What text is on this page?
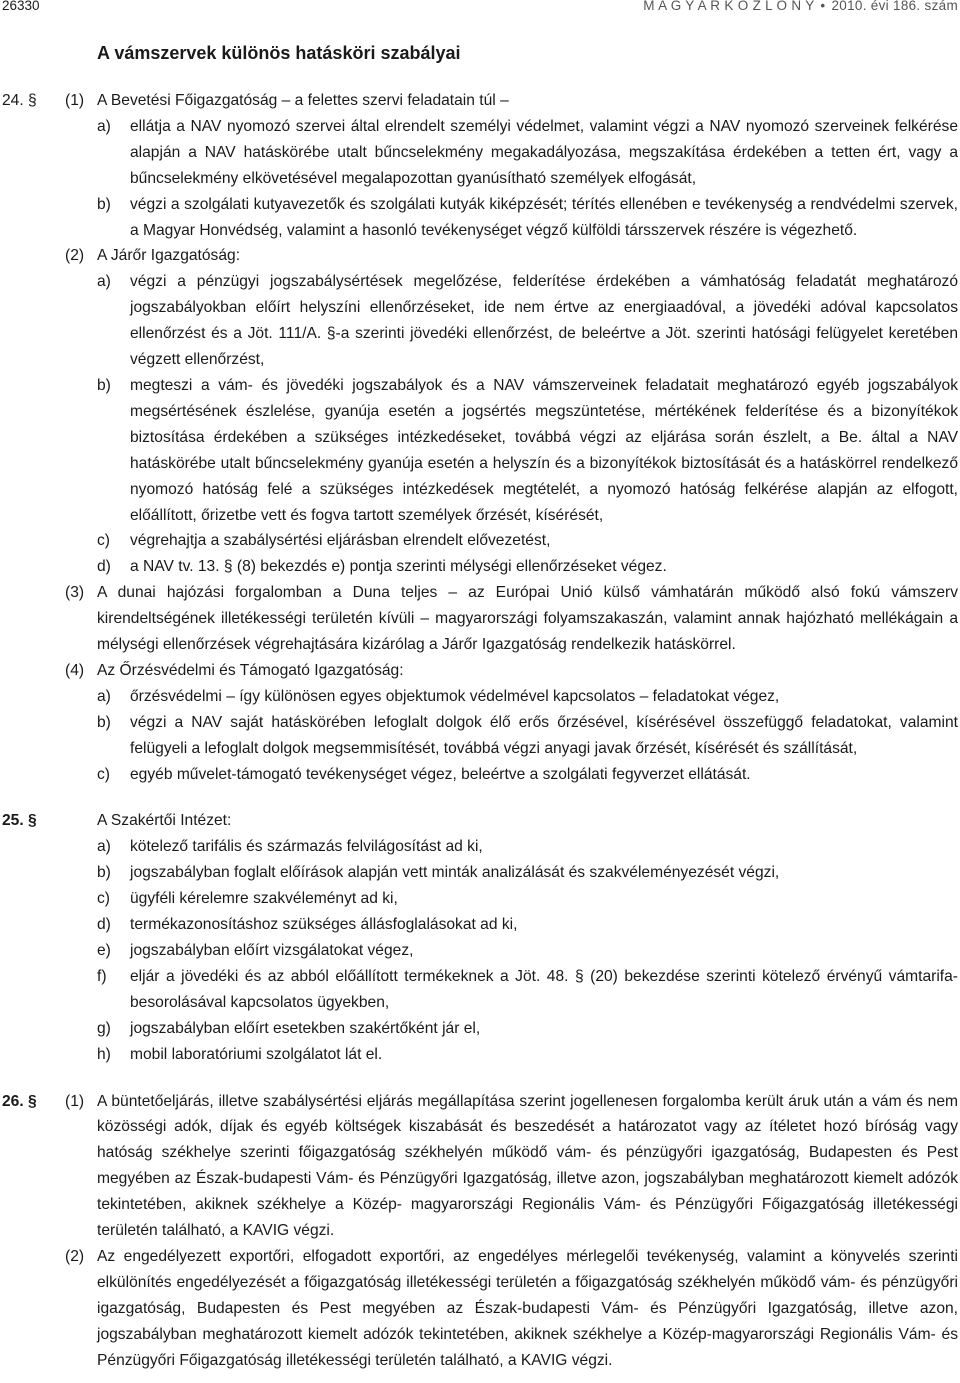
26330	M A G Y A R K Ö Z L Ö N Y • 2010. évi 186. szám
A vámszervek különös hatásköri szabályai
24. § (1) A Bevetési Főigazgatóság – a felettes szervi feladatain túl –
a) ellátja a NAV nyomozó szervei által elrendelt személyi védelmet, valamint végzi a NAV nyomozó szerveinek felkérése alapján a NAV hatáskörébe utalt bűncselekmény megakadályozása, megszakítása érdekében a tetten ért, vagy a bűncselekmény elkövetésével megalapozottan gyanúsítható személyek elfogását,
b) végzi a szolgálati kutyavezetők és szolgálati kutyák kiképzését; térítés ellenében e tevékenység a rendvédelmi szervek, a Magyar Honvédség, valamint a hasonló tevékenységet végző külföldi társszervek részére is végezhető.
(2) A Járőr Igazgatóság:
a) végzi a pénzügyi jogszabálysértések megelőzése, felderítése érdekében a vámhatóság feladatát meghatározó jogszabályokban előírt helyszíni ellenőrzéseket, ide nem értve az energiaadóval, a jövedéki adóval kapcsolatos ellenőrzést és a Jöt. 111/A. §-a szerinti jövedéki ellenőrzést, de beleértve a Jöt. szerinti hatósági felügyelet keretében végzett ellenőrzést,
b) megteszi a vám- és jövedéki jogszabályok és a NAV vámszerveinek feladatait meghatározó egyéb jogszabályok megsértésének észlelése, gyanúja esetén a jogsértés megszüntetése, mértékének felderítése és a bizonyítékok biztosítása érdekében a szükséges intézkedéseket, továbbá végzi az eljárása során észlelt, a Be. által a NAV hatáskörébe utalt bűncselekmény gyanúja esetén a helyszín és a bizonyítékok biztosítását és a hatáskörrel rendelkező nyomozó hatóság felé a szükséges intézkedések megtételét, a nyomozó hatóság felkérése alapján az elfogott, előállított, őrizetbe vett és fogva tartott személyek őrzését, kísérését,
c) végrehajtja a szabálysértési eljárásban elrendelt elővezetést,
d) a NAV tv. 13. § (8) bekezdés e) pontja szerinti mélységi ellenőrzéseket végez.
(3) A dunai hajózási forgalomban a Duna teljes – az Európai Unió külső vámhatárán működő alsó fokú vámszerv kirendeltségének illetékességi területén kívüli – magyarországi folyamszakaszán, valamint annak hajózható mellékágain a mélységi ellenőrzések végrehajtására kizárólag a Járőr Igazgatóság rendelkezik hatáskörrel.
(4) Az Őrzésvédelmi és Támogató Igazgatóság:
a) őrzésvédelmi – így különösen egyes objektumok védelmével kapcsolatos – feladatokat végez,
b) végzi a NAV saját hatáskörében lefoglalt dolgok élő erős őrzésével, kísérésével összefüggő feladatokat, valamint felügyeli a lefoglalt dolgok megsemmisítését, továbbá végzi anyagi javak őrzését, kísérését és szállítását,
c) egyéb művelet-támogató tevékenységet végez, beleértve a szolgálati fegyverzet ellátását.
25. §	A Szakértői Intézet:
a) kötelező tarifális és származás felvilágosítást ad ki,
b) jogszabályban foglalt előírások alapján vett minták analizálását és szakvéleményezését végzi,
c) ügyféli kérelemre szakvéleményt ad ki,
d) termékazonosításhoz szükséges állásfoglalásokat ad ki,
e) jogszabályban előírt vizsgálatokat végez,
f) eljár a jövedéki és az abból előállított termékeknek a Jöt. 48. § (20) bekezdése szerinti kötelező érvényű vámtarifa-besorolásával kapcsolatos ügyekben,
g) jogszabályban előírt esetekben szakértőként jár el,
h) mobil laboratóriumi szolgálatot lát el.
26. § (1) A büntetőeljárás, illetve szabálysértési eljárás megállapítása szerint jogellenesen forgalomba került áruk után a vám és nem közösségi adók, díjak és egyéb költségek kiszabását és beszedését a határozatot vagy az ítéletet hozó bíróság vagy hatóság székhelye szerinti főigazgatóság székhelyén működő vám- és pénzügyőri igazgatóság, Budapesten és Pest megyében az Észak-budapesti Vám- és Pénzügyőri Igazgatóság, illetve azon, jogszabályban meghatározott kiemelt adózók tekintetében, akiknek székhelye a Közép- magyarországi Regionális Vám- és Pénzügyőri Főigazgatóság illetékességi területén található, a KAVIG végzi.
(2) Az engedélyezett exportőri, elfogadott exportőri, az engedélyes mérlegelői tevékenység, valamint a könyvelés szerinti elkülönítés engedélyezését a főigazgatóság illetékességi területén a főigazgatóság székhelyén működő vám- és pénzügyőri igazgatóság, Budapesten és Pest megyében az Észak-budapesti Vám- és Pénzügyőri Igazgatóság, illetve azon, jogszabályban meghatározott kiemelt adózók tekintetében, akiknek székhelye a Közép-magyarországi Regionális Vám- és Pénzügyőri Főigazgatóság illetékességi területén található, a KAVIG végzi.
